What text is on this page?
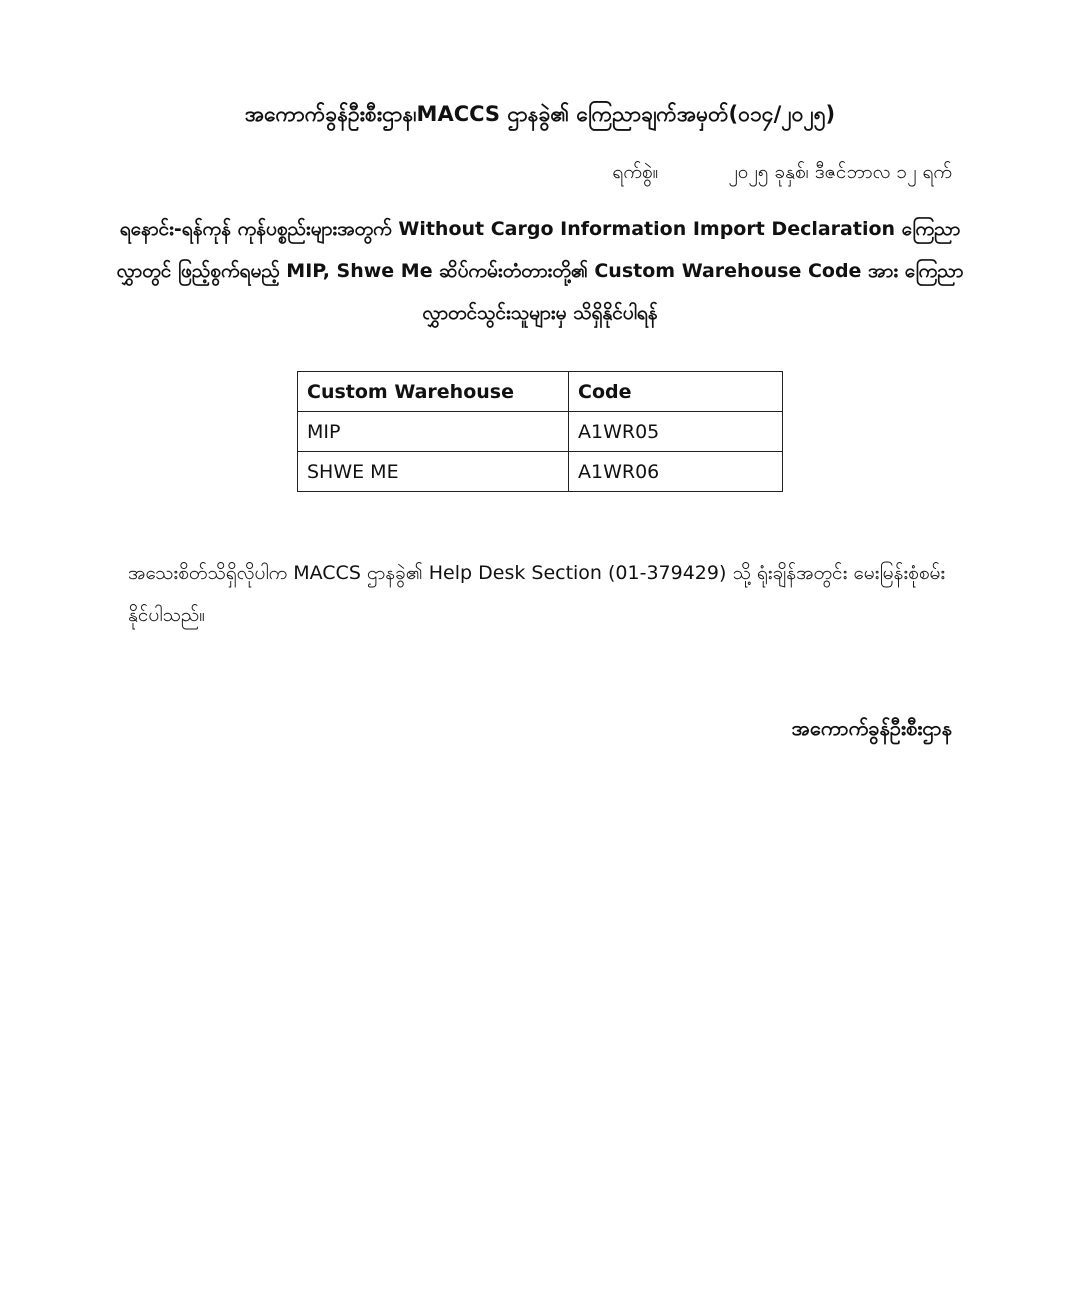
အကောက်ခွန်ဦးစီးဌာန၊MACCS ဌာနခွဲ၏ ကြေညာချက်အမှတ်(၀၁၄/၂၀၂၅)
ရက်စွဲ။	၂၀၂၅ ခုနှစ်၊ ဒီဇင်ဘာလ ၁၂ ရက်
ရနောင်း-ရန်ကုန် ကုန်ပစ္စည်းများအတွက် Without Cargo Information Import Declaration ကြေညာလွှာတွင် ဖြည့်စွက်ရမည့် MIP, Shwe Me ဆိပ်ကမ်းတံတားတို့၏ Custom Warehouse Code အား ကြေညာလွှာတင်သွင်းသူများမှ သိရှိနိုင်ပါရန်
Custom Warehouse	Code
MIP	A1WR05
SHWE ME	A1WR06
အသေးစိတ်သိရှိလိုပါက MACCS ဌာနခွဲ၏ Help Desk Section (01-379429) သို့ ရုံးချိန်အတွင်း မေးမြန်းစုံစမ်းနိုင်ပါသည်။
အကောက်ခွန်ဦးစီးဌာန
